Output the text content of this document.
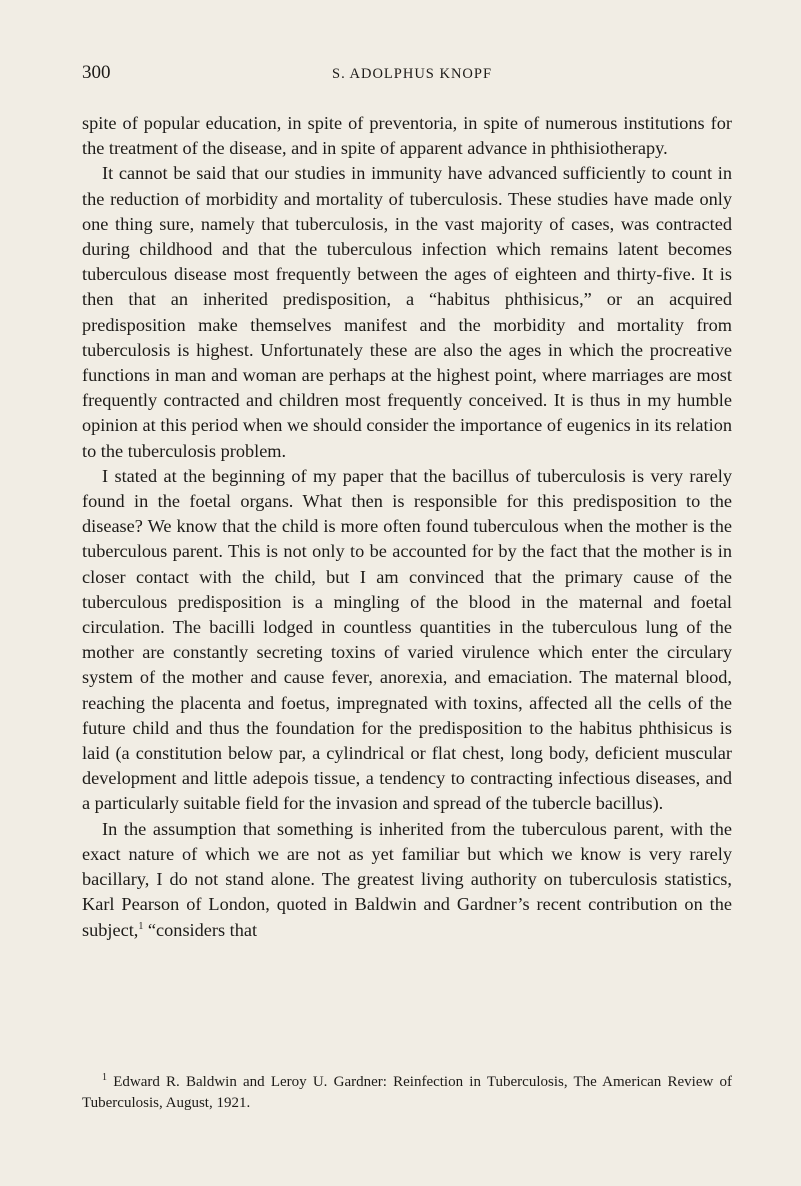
300	S. ADOLPHUS KNOPF

spite of popular education, in spite of preventoria, in spite of numerous institutions for the treatment of the disease, and in spite of apparent advance in phthisiotherapy.

It cannot be said that our studies in immunity have advanced sufficiently to count in the reduction of morbidity and mortality of tuberculosis. These studies have made only one thing sure, namely that tuberculosis, in the vast majority of cases, was contracted during childhood and that the tuberculous infection which remains latent becomes tuberculous disease most frequently between the ages of eighteen and thirty-five. It is then that an inherited predisposition, a “habitus phthisicus,” or an acquired predisposition make themselves manifest and the morbidity and mortality from tuberculosis is highest. Unfortunately these are also the ages in which the procreative functions in man and woman are perhaps at the highest point, where marriages are most frequently contracted and children most frequently conceived. It is thus in my humble opinion at this period when we should consider the importance of eugenics in its relation to the tuberculosis problem.

I stated at the beginning of my paper that the bacillus of tuberculosis is very rarely found in the foetal organs. What then is responsible for this predisposition to the disease? We know that the child is more often found tuberculous when the mother is the tuberculous parent. This is not only to be accounted for by the fact that the mother is in closer contact with the child, but I am convinced that the primary cause of the tuberculous predisposition is a mingling of the blood in the maternal and foetal circulation. The bacilli lodged in countless quantities in the tuberculous lung of the mother are constantly secreting toxins of varied virulence which enter the circulary system of the mother and cause fever, anorexia, and emaciation. The maternal blood, reaching the placenta and foetus, impregnated with toxins, affected all the cells of the future child and thus the foundation for the predisposition to the habitus phthisicus is laid (a constitution below par, a cylindrical or flat chest, long body, deficient muscular development and little adepois tissue, a tendency to contracting infectious diseases, and a particularly suitable field for the invasion and spread of the tubercle bacillus).

In the assumption that something is inherited from the tuberculous parent, with the exact nature of which we are not as yet familiar but which we know is very rarely bacillary, I do not stand alone. The greatest living authority on tuberculosis statistics, Karl Pearson of London, quoted in Baldwin and Gardner’s recent contribution on the subject,$^1$ “considers that

$^1$ Edward R. Baldwin and Leroy U. Gardner: Reinfection in Tuberculosis, The American Review of Tuberculosis, August, 1921.
